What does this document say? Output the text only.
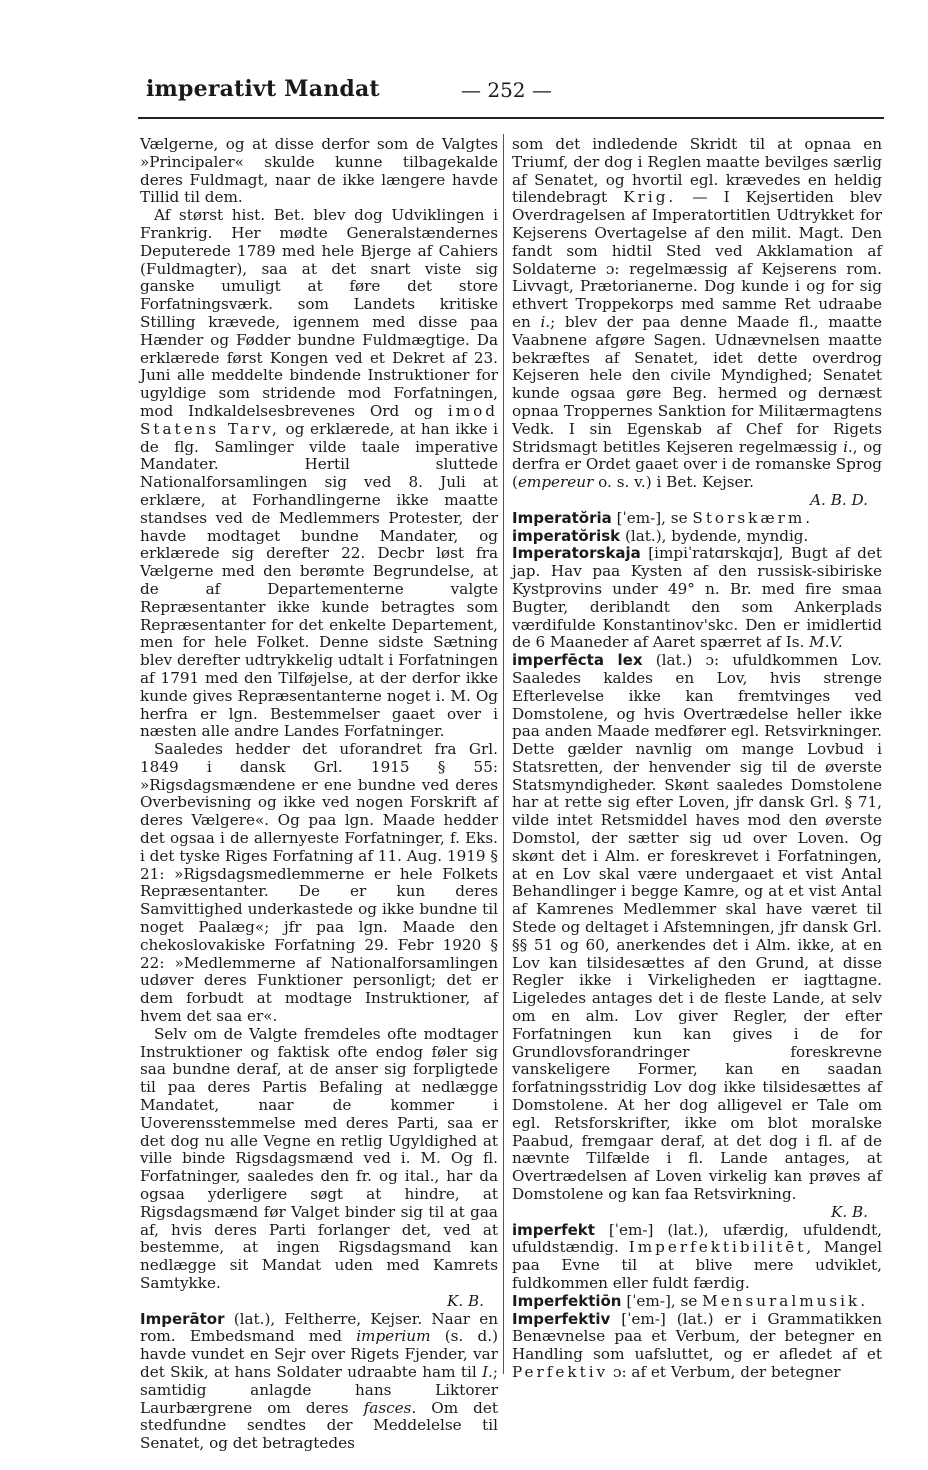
imperativt Mandat	— 252 —

Vælgerne, og at disse derfor som de Valgtes »Principaler« skulde kunne tilbagekalde deres Fuldmagt, naar de ikke længere havde Tillid til dem.

Af størst hist. Bet. blev dog Udviklingen i Frankrig. Her mødte Generalstændernes Deputerede 1789 med hele Bjerge af Cahiers (Fuldmagter), saa at det snart viste sig ganske umuligt at føre det store Forfatningsværk. som Landets kritiske Stilling krævede, igennem med disse paa Hænder og Fødder bundne Fuldmægtige. Da erklærede først Kongen ved et Dekret af 23. Juni alle meddelte bindende Instruktioner for ugyldige som stridende mod Forfatningen, mod Indkaldelsesbrevenes Ord og imod Statens Tarv, og erklærede, at han ikke i de flg. Samlinger vilde taale imperative Mandater. Hertil sluttede Nationalforsamlingen sig ved 8. Juli at erklære, at Forhandlingerne ikke maatte standses ved de Medlemmers Protester, der havde modtaget bundne Mandater, og erklærede sig derefter 22. Decbr løst fra Vælgerne med den berømte Begrundelse, at de af Departementerne valgte Repræsentanter ikke kunde betragtes som Repræsentanter for det enkelte Departement, men for hele Folket. Denne sidste Sætning blev derefter udtrykkelig udtalt i Forfatningen af 1791 med den Tilføjelse, at der derfor ikke kunde gives Repræsentanterne noget i. M. Og herfra er lgn. Bestemmelser gaaet over i næsten alle andre Landes Forfatninger.

Saaledes hedder det uforandret fra Grl. 1849 i dansk Grl. 1915 § 55: »Rigsdagsmændene er ene bundne ved deres Overbevisning og ikke ved nogen Forskrift af deres Vælgere«. Og paa lgn. Maade hedder det ogsaa i de allernyeste Forfatninger, f. Eks. i det tyske Riges Forfatning af 11. Aug. 1919 § 21: »Rigsdagsmedlemmerne er hele Folkets Repræsentanter. De er kun deres Samvittighed underkastede og ikke bundne til noget Paalæg«; jfr paa lgn. Maade den chekoslovakiske Forfatning 29. Febr 1920 § 22: »Medlemmerne af Nationalforsamlingen udøver deres Funktioner personligt; det er dem forbudt at modtage Instruktioner, af hvem det saa er«.

Selv om de Valgte fremdeles ofte modtager Instruktioner og faktisk ofte endog føler sig saa bundne deraf, at de anser sig forpligtede til paa deres Partis Befaling at nedlægge Mandatet, naar de kommer i Uoverensstemmelse med deres Parti, saa er det dog nu alle Vegne en retlig Ugyldighed at ville binde Rigsdagsmænd ved i. M. Og fl. Forfatninger, saaledes den fr. og ital., har da ogsaa yderligere søgt at hindre, at Rigsdagsmænd før Valget binder sig til at gaa af, hvis deres Parti forlanger det, ved at bestemme, at ingen Rigsdagsmand kan nedlægge sit Mandat uden med Kamrets Samtykke.

K. B.

Imperātor (lat.), Feltherre, Kejser. Naar en rom. Embedsmand med imperium (s. d.) havde vundet en Sejr over Rigets Fjender, var det Skik, at hans Soldater udraabte ham til I.; samtidig anlagde hans Liktorer Laurbærgrene om deres fasces. Om det stedfundne sendtes der Meddelelse til Senatet, og det betragtedes

som det indledende Skridt til at opnaa en Triumf, der dog i Reglen maatte bevilges særlig af Senatet, og hvortil egl. krævedes en heldig tilendebragt Krig. — I Kejsertiden blev Overdragelsen af Imperatortitlen Udtrykket for Kejserens Overtagelse af den milit. Magt. Den fandt som hidtil Sted ved Akklamation af Soldaterne ɔ: regelmæssig af Kejserens rom. Livvagt, Prætorianerne. Dog kunde i og for sig ethvert Troppekorps med samme Ret udraabe en i.; blev der paa denne Maade fl., maatte Vaabnene afgøre Sagen. Udnævnelsen maatte bekræftes af Senatet, idet dette overdrog Kejseren hele den civile Myndighed; Senatet kunde ogsaa gøre Beg. hermed og dernæst opnaa Troppernes Sanktion for Militærmagtens Vedk. I sin Egenskab af Chef for Rigets Stridsmagt betitles Kejseren regelmæssig i., og derfra er Ordet gaaet over i de romanske Sprog (empereur o. s. v.) i Bet. Kejser.

A. B. D.

Imperatŏria [ˈem-], se Storskærm.

imperatŏrisk (lat.), bydende, myndig.

Imperatorskaja [impiˈratɑrskɑjɑ], Bugt af det jap. Hav paa Kysten af den russisk-sibiriske Kystprovins under 49° n. Br. med fire smaa Bugter, deriblandt den som Ankerplads værdifulde Konstantinov'skc. Den er imidlertid de 6 Maaneder af Aaret spærret af Is. M.V.

imperfēcta lex (lat.) ɔ: ufuldkommen Lov. Saaledes kaldes en Lov, hvis strenge Efterlevelse ikke kan fremtvinges ved Domstolene, og hvis Overtrædelse heller ikke paa anden Maade medfører egl. Retsvirkninger. Dette gælder navnlig om mange Lovbud i Statsretten, der henvender sig til de øverste Statsmyndigheder. Skønt saaledes Domstolene har at rette sig efter Loven, jfr dansk Grl. § 71, vilde intet Retsmiddel haves mod den øverste Domstol, der sætter sig ud over Loven. Og skønt det i Alm. er foreskrevet i Forfatningen, at en Lov skal være undergaaet et vist Antal Behandlinger i begge Kamre, og at et vist Antal af Kamrenes Medlemmer skal have været til Stede og deltaget i Afstemningen, jfr dansk Grl. §§ 51 og 60, anerkendes det i Alm. ikke, at en Lov kan tilsidesættes af den Grund, at disse Regler ikke i Virkeligheden er iagttagne. Ligeledes antages det i de fleste Lande, at selv om en alm. Lov giver Regler, der efter Forfatningen kun kan gives i de for Grundlovsforandringer foreskrevne vanskeligere Former, kan en saadan forfatningsstridig Lov dog ikke tilsidesættes af Domstolene. At her dog alligevel er Tale om egl. Retsforskrifter, ikke om blot moralske Paabud, fremgaar deraf, at det dog i fl. af de nævnte Tilfælde i fl. Lande antages, at Overtrædelsen af Loven virkelig kan prøves af Domstolene og kan faa Retsvirkning.

K. B.

imperfekt [ˈem-] (lat.), ufærdig, ufuldendt, ufuldstændig. Imperfektibilitēt, Mangel paa Evne til at blive mere udviklet, fuldkommen eller fuldt færdig.

Imperfektiōn [ˈem-], se Mensuralmusik.

Imperfektiv [ˈem-] (lat.) er i Grammatikken Benævnelse paa et Verbum, der betegner en Handling som uafsluttet, og er afledet af et Perfektiv ɔ: af et Verbum, der betegner
